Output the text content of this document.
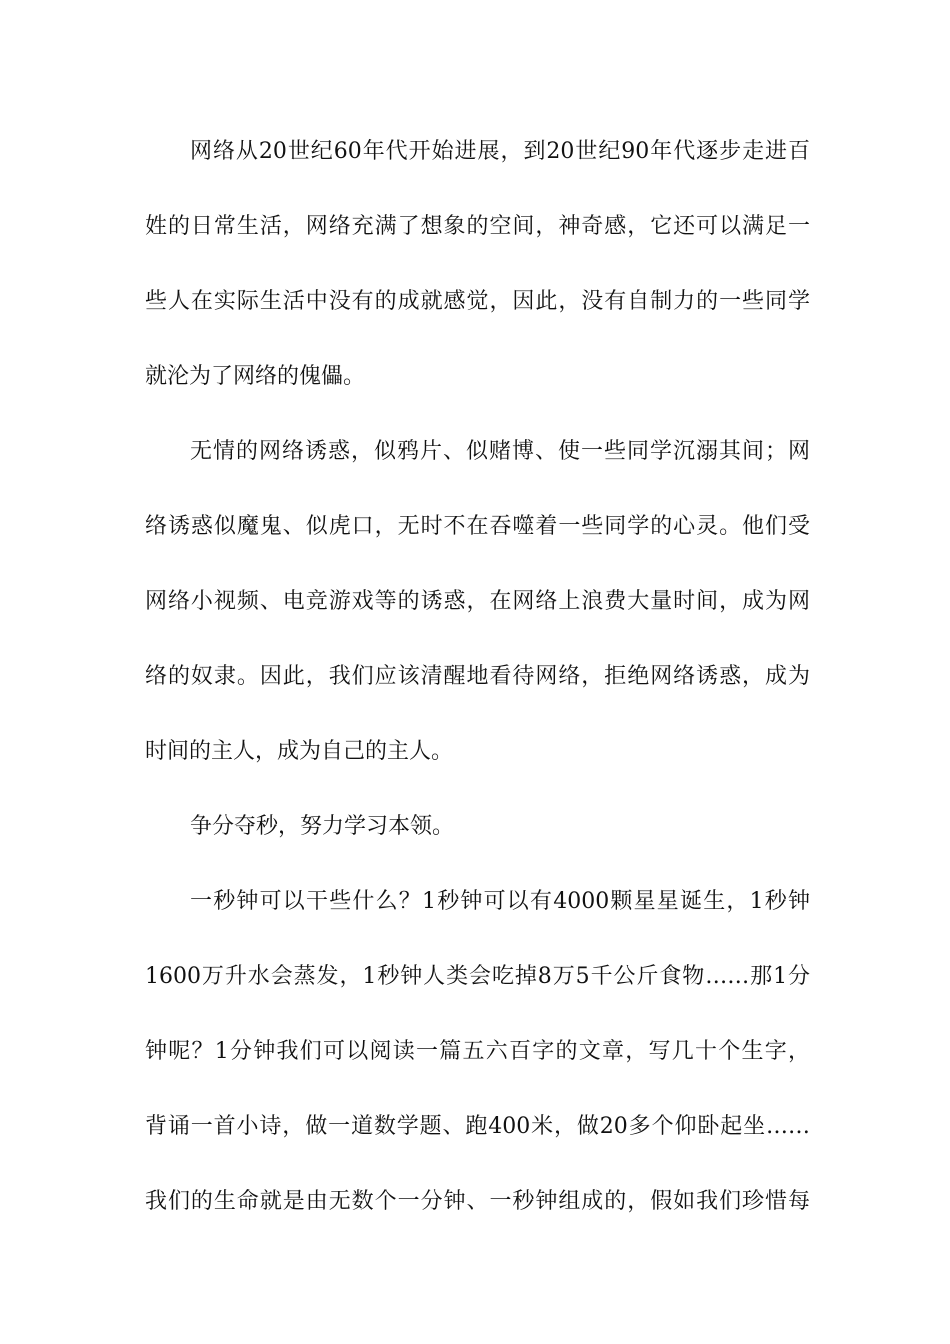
网络从20世纪60年代开始进展，到20世纪90年代逐步走进百
姓的日常生活，网络充满了想象的空间，神奇感，它还可以满足一
些人在实际生活中没有的成就感觉，因此，没有自制力的一些同学
就沦为了网络的傀儡。
无情的网络诱惑，似鸦片、似赌博、使一些同学沉溺其间；网
络诱惑似魔鬼、似虎口，无时不在吞噬着一些同学的心灵。他们受
网络小视频、电竞游戏等的诱惑，在网络上浪费大量时间，成为网
络的奴隶。因此，我们应该清醒地看待网络，拒绝网络诱惑，成为
时间的主人，成为自己的主人。
争分夺秒，努力学习本领。
一秒钟可以干些什么？1秒钟可以有4000颗星星诞生，1秒钟
1600万升水会蒸发，1秒钟人类会吃掉8万5千公斤食物……那1分
钟呢？1分钟我们可以阅读一篇五六百字的文章，写几十个生字，
背诵一首小诗，做一道数学题、跑400米，做20多个仰卧起坐……
我们的生命就是由无数个一分钟、一秒钟组成的，假如我们珍惜每
